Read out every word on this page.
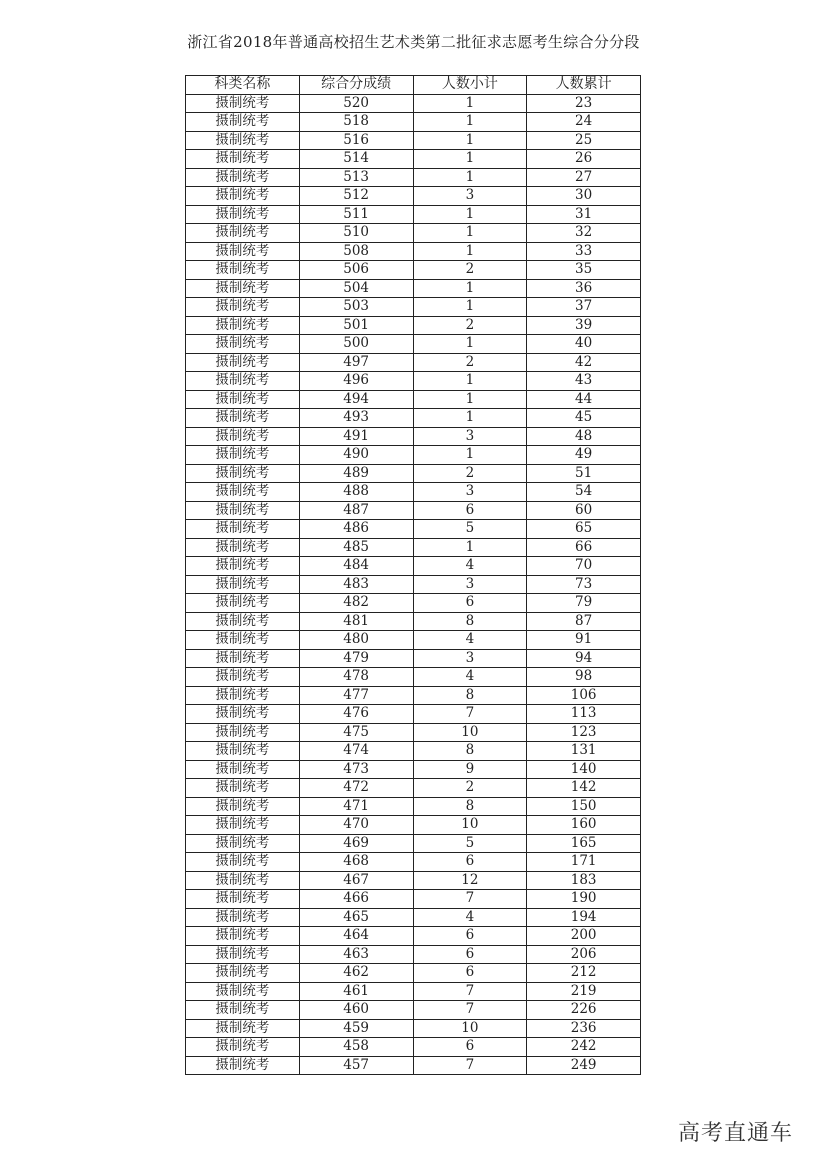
浙江省2018年普通高校招生艺术类第二批征求志愿考生综合分分段
科类名称	综合分成绩	人数小计	人数累计
摄制统考	520	1	23
摄制统考	518	1	24
摄制统考	516	1	25
摄制统考	514	1	26
摄制统考	513	1	27
摄制统考	512	3	30
摄制统考	511	1	31
摄制统考	510	1	32
摄制统考	508	1	33
摄制统考	506	2	35
摄制统考	504	1	36
摄制统考	503	1	37
摄制统考	501	2	39
摄制统考	500	1	40
摄制统考	497	2	42
摄制统考	496	1	43
摄制统考	494	1	44
摄制统考	493	1	45
摄制统考	491	3	48
摄制统考	490	1	49
摄制统考	489	2	51
摄制统考	488	3	54
摄制统考	487	6	60
摄制统考	486	5	65
摄制统考	485	1	66
摄制统考	484	4	70
摄制统考	483	3	73
摄制统考	482	6	79
摄制统考	481	8	87
摄制统考	480	4	91
摄制统考	479	3	94
摄制统考	478	4	98
摄制统考	477	8	106
摄制统考	476	7	113
摄制统考	475	10	123
摄制统考	474	8	131
摄制统考	473	9	140
摄制统考	472	2	142
摄制统考	471	8	150
摄制统考	470	10	160
摄制统考	469	5	165
摄制统考	468	6	171
摄制统考	467	12	183
摄制统考	466	7	190
摄制统考	465	4	194
摄制统考	464	6	200
摄制统考	463	6	206
摄制统考	462	6	212
摄制统考	461	7	219
摄制统考	460	7	226
摄制统考	459	10	236
摄制统考	458	6	242
摄制统考	457	7	249
高考直通车
